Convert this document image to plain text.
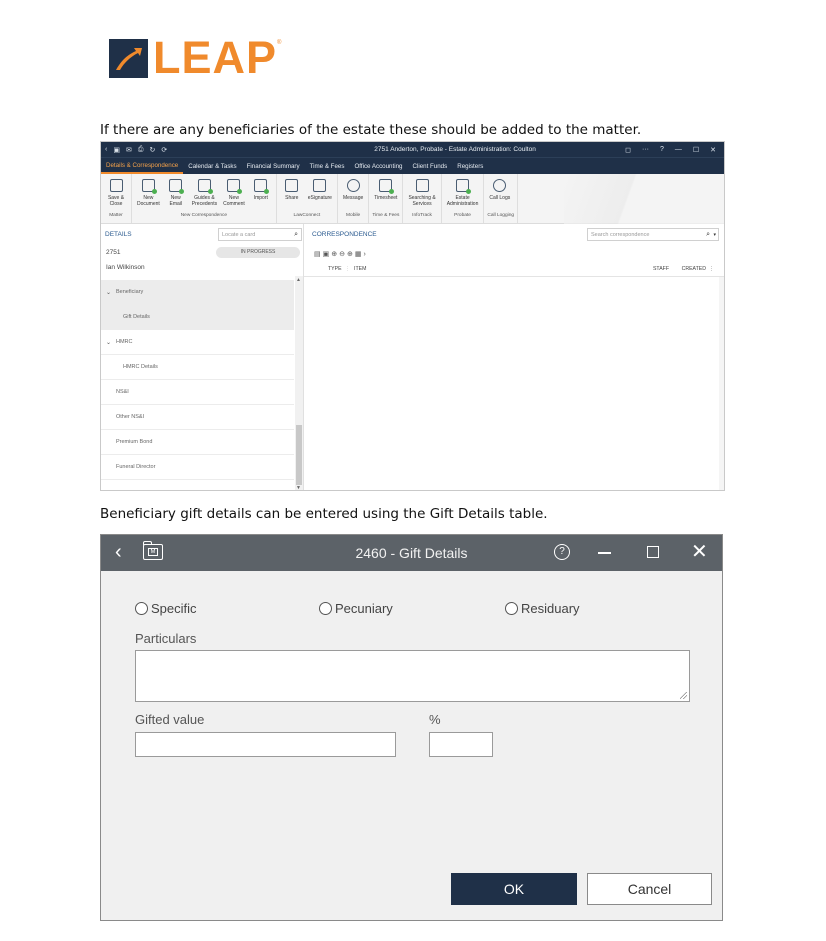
LEAP ®
If there are any beneficiaries of the estate these should be added to the matter.
‹ ▣ ✉ ⎙ ↻ ⟳	2751 Anderton, Probate - Estate Administration: Coulton	◻ ··· ? — ☐ ✕
Details & Correspondence	Calendar & Tasks	Financial Summary	Time & Fees	Office Accounting	Client Funds	Registers
Save &
Close
Matter
New
Document
New
Email
Guides &
Precedents
New
Comment
Import
New Correspondence
Share eSignature
LawConnect
Message
Mobile
Timesheet
Time & Fees
Searching &
Services
InfoTrack
Estate
Administration
Probate
Call Logs
Call Logging
DETAILS	Locate a card	⌕
2751	IN PROGRESS
Ian Wilkinson
⌄ Beneficiary
Gift Details
⌄ HMRC
HMRC Details
NS&I
Other NS&I
Premium Bond
Funeral Director
▲
▼
CORRESPONDENCE	Search correspondence	⌕ ▾
▤▣⊕⊖⊕▦›
TYPE ⋮ ITEM	STAFF CREATED ⋮
Beneficiary gift details can be entered using the Gift Details table.
‹	M	2460 - Gift Details	?	✕
Specific	Pecuniary	Residuary
Particulars
Gifted value	%
OK	Cancel
